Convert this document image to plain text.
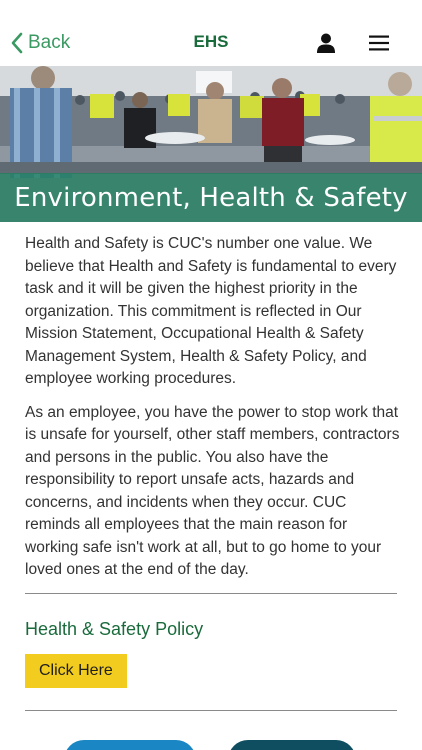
Back	EHS
Environment, Health & Safety

Health and Safety is CUC's number one value. We believe that Health and Safety is fundamental to every task and it will be given the highest priority in the organization. This commitment is reflected in Our Mission Statement, Occupational Health & Safety Management System, Health & Safety Policy, and employee working procedures.

As an employee, you have the power to stop work that is unsafe for yourself, other staff members, contractors and persons in the public. You also have the responsibility to report unsafe acts, hazards and concerns, and incidents when they occur. CUC reminds all employees that the main reason for working safe isn't work at all, but to go home to your loved ones at the end of the day.

Health & Safety Policy
Click Here
